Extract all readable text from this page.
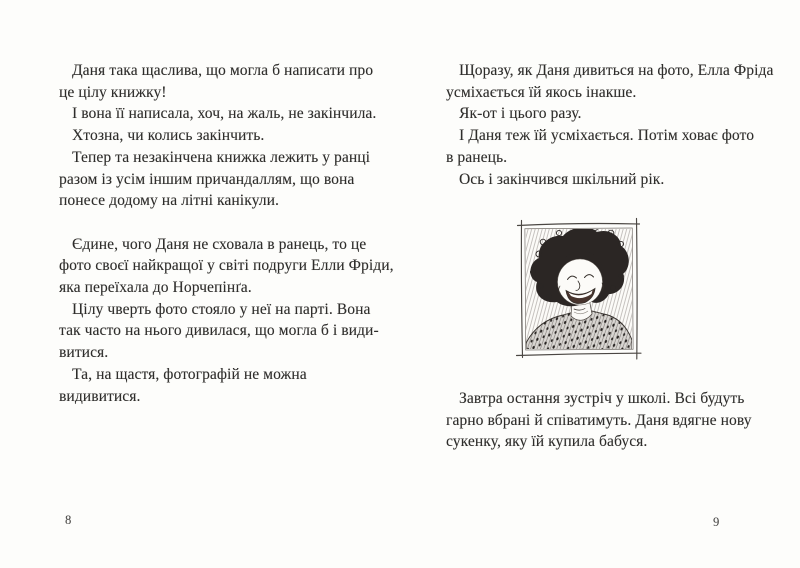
Даня така щаслива, що могла б написати про
це цілу книжку!

І вона її написала, хоч, на жаль, не закінчила.

Хтозна, чи колись закінчить.

Тепер та незакінчена книжка лежить у ранці
разом із усім іншим причандаллям, що вона
понесе додому на літні канікули.

Єдине, чого Даня не сховала в ранець, то це
фото своєї найкращої у світі подруги Елли Фріди,
яка переїхала до Норчепінґа.

Цілу чверть фото стояло у неї на парті. Вона
так часто на нього дивилася, що могла б і види-
витися.

Та, на щастя, фотографій не можна
видивитися.

Щоразу, як Даня дивиться на фото, Елла Фріда
усміхається їй якось інакше.

Як-от і цього разу.

І Даня теж їй усміхається. Потім ховає фото
в ранець.

Ось і закінчився шкільний рік.

Завтра остання зустріч у школі. Всі будуть
гарно вбрані й співатимуть. Даня вдягне нову
сукенку, яку їй купила бабуся.

8	9
